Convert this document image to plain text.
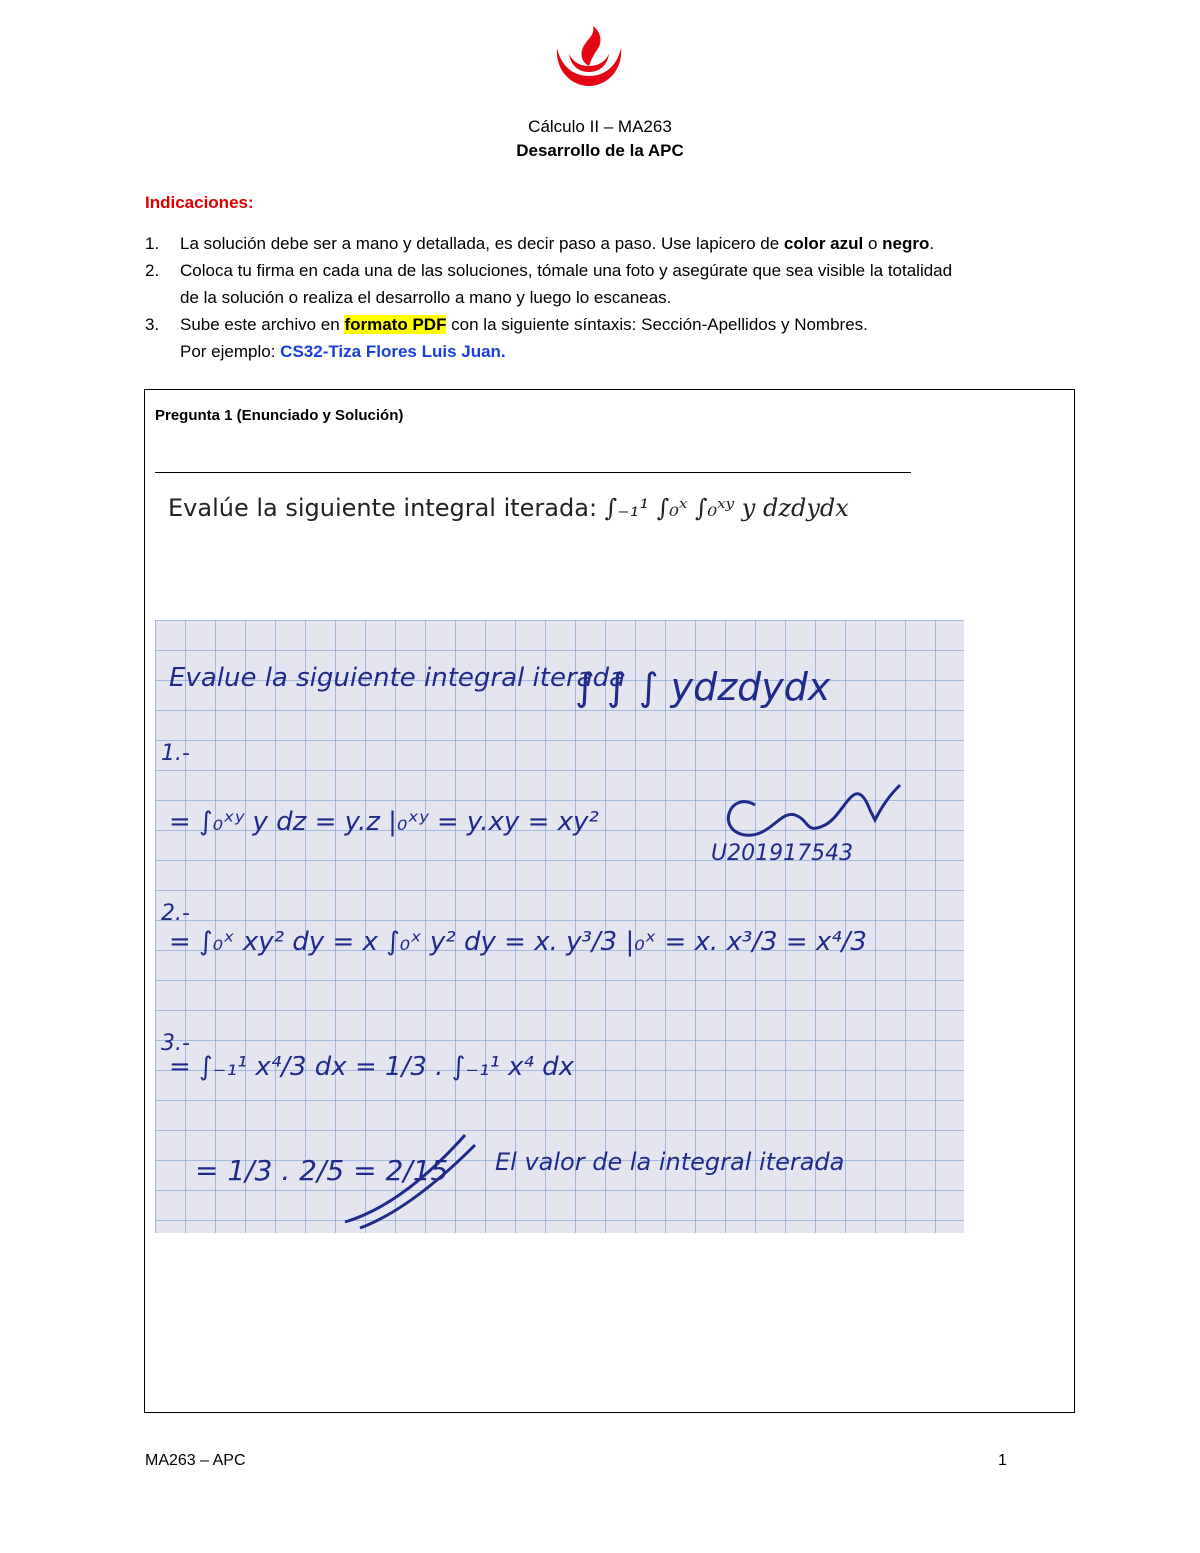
Cálculo II – MA263
Desarrollo de la APC
Indicaciones:
1.	La solución debe ser a mano y detallada, es decir paso a paso. Use lapicero de color azul o negro.
2.	Coloca tu firma en cada una de las soluciones, tómale una foto y asegúrate que sea visible la totalidad
de la solución o realiza el desarrollo a mano y luego lo escaneas.
3.	Sube este archivo en formato PDF con la siguiente síntaxis: Sección-Apellidos y Nombres.
Por ejemplo: CS32-Tiza Flores Luis Juan.
Pregunta 1 (Enunciado y Solución)
Evalúe la siguiente integral iterada: ∫₋₁¹ ∫₀ˣ ∫₀ˣʸ y dzdydx
Evalue la siguiente integral iterada
∫ ∫ ∫ ydzdydx
1.-
= ∫₀ˣʸ y dz = y.z |₀ˣʸ = y.xy = xy²
2.-
= ∫₀ˣ xy² dy = x ∫₀ˣ y² dy = x. y³/3 |₀ˣ = x. x³/3 = x⁴/3
3.-
= ∫₋₁¹ x⁴/3 dx = 1/3 . ∫₋₁¹ x⁴ dx
= 1/3 . 2/5 = 2/15 El valor de la integral iterada
U201917543
MA263 – APC	1
